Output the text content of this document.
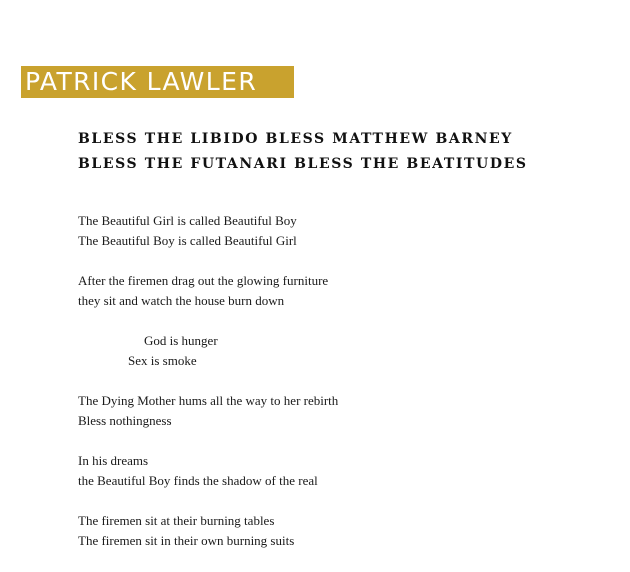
PATRICK LAWLER
BLESS THE LIBIDO BLESS MATTHEW BARNEY
BLESS THE FUTANARI BLESS THE BEATITUDES

The Beautiful Girl is called Beautiful Boy
The Beautiful Boy is called Beautiful Girl

After the firemen drag out the glowing furniture
they sit and watch the house burn down

God is hunger
Sex is smoke

The Dying Mother hums all the way to her rebirth
Bless nothingness

In his dreams
the Beautiful Boy finds the shadow of the real

The firemen sit at their burning tables
The firemen sit in their own burning suits
